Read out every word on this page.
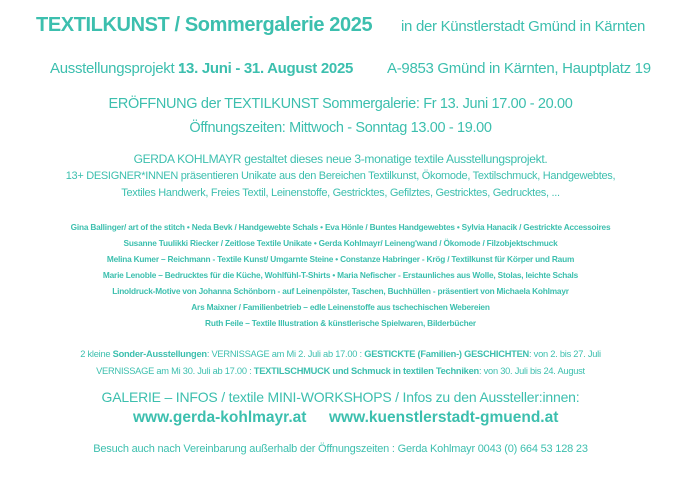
TEXTILKUNST / Sommergalerie 2025 in der Künstlerstadt Gmünd in Kärnten
Ausstellungsprojekt :
13. Juni - 31. August 2025 A-9853 Gmünd in Kärnten, Hauptplatz 19
ERÖFFNUNG der TEXTILKUNST Sommergalerie: Fr 13. Juni 17.00 - 20.00
Öffnungszeiten: Mittwoch - Sonntag 13.00 - 19.00
GERDA KOHLMAYR gestaltet dieses neue 3-monatige textile Ausstellungsprojekt.
13+ DESIGNER*INNEN präsentieren Unikate aus den Bereichen Textilkunst, Ökomode, Textilschmuck, Handgewebtes,
Textiles Handwerk, Freies Textil, Leinenstoffe, Gestricktes, Gefilztes, Gestricktes, Gedrucktes, ...
Gina Ballinger/ art of the stitch • Neda Bevk / Handgewebte Schals • Eva Hönle / Buntes Handgewebtes • Sylvia Hanacik / Gestrickte Accessoires
Susanne Tuulikki Riecker / Zeitlose Textile Unikate • Gerda Kohlmayr/ Leineng'wand / Ökomode / Filzobjektschmuck
Melina Kumer – Reichmann - Textile Kunst/ Umgarnte Steine • Constanze Habringer - Krög / Textilkunst für Körper und Raum
Marie Lenoble – Bedrucktes für die Küche, Wohlfühl-T-Shirts • Maria Nefischer - Erstaunliches aus Wolle, Stolas, leichte Schals
Linoldruck-Motive von Johanna Schönborn - auf Leinenpölster, Taschen, Buchhüllen - präsentiert von Michaela Kohlmayr
Ars Maixner / Familienbetrieb – edle Leinenstoffe aus tschechischen Webereien
Ruth Feile – Textile Illustration & künstlerische Spielwaren, Bilderbücher
2 kleine Sonder-Ausstellungen: VERNISSAGE am Mi 2. Juli ab 17.00 : GESTICKTE (Familien-) GESCHICHTEN: von 2. bis 27. Juli
VERNISSAGE am Mi 30. Juli ab 17.00 : TEXTILSCHMUCK und Schmuck in textilen Techniken: von 30. Juli bis 24. August
GALERIE – INFOS / textile MINI-WORKSHOPS / Infos zu den Aussteller:innen:
www.gerda-kohlmayr.at www.kuenstlerstadt-gmuend.at
Besuch auch nach Vereinbarung außerhalb der Öffnungszeiten : Gerda Kohlmayr 0043 (0) 664 53 128 23
